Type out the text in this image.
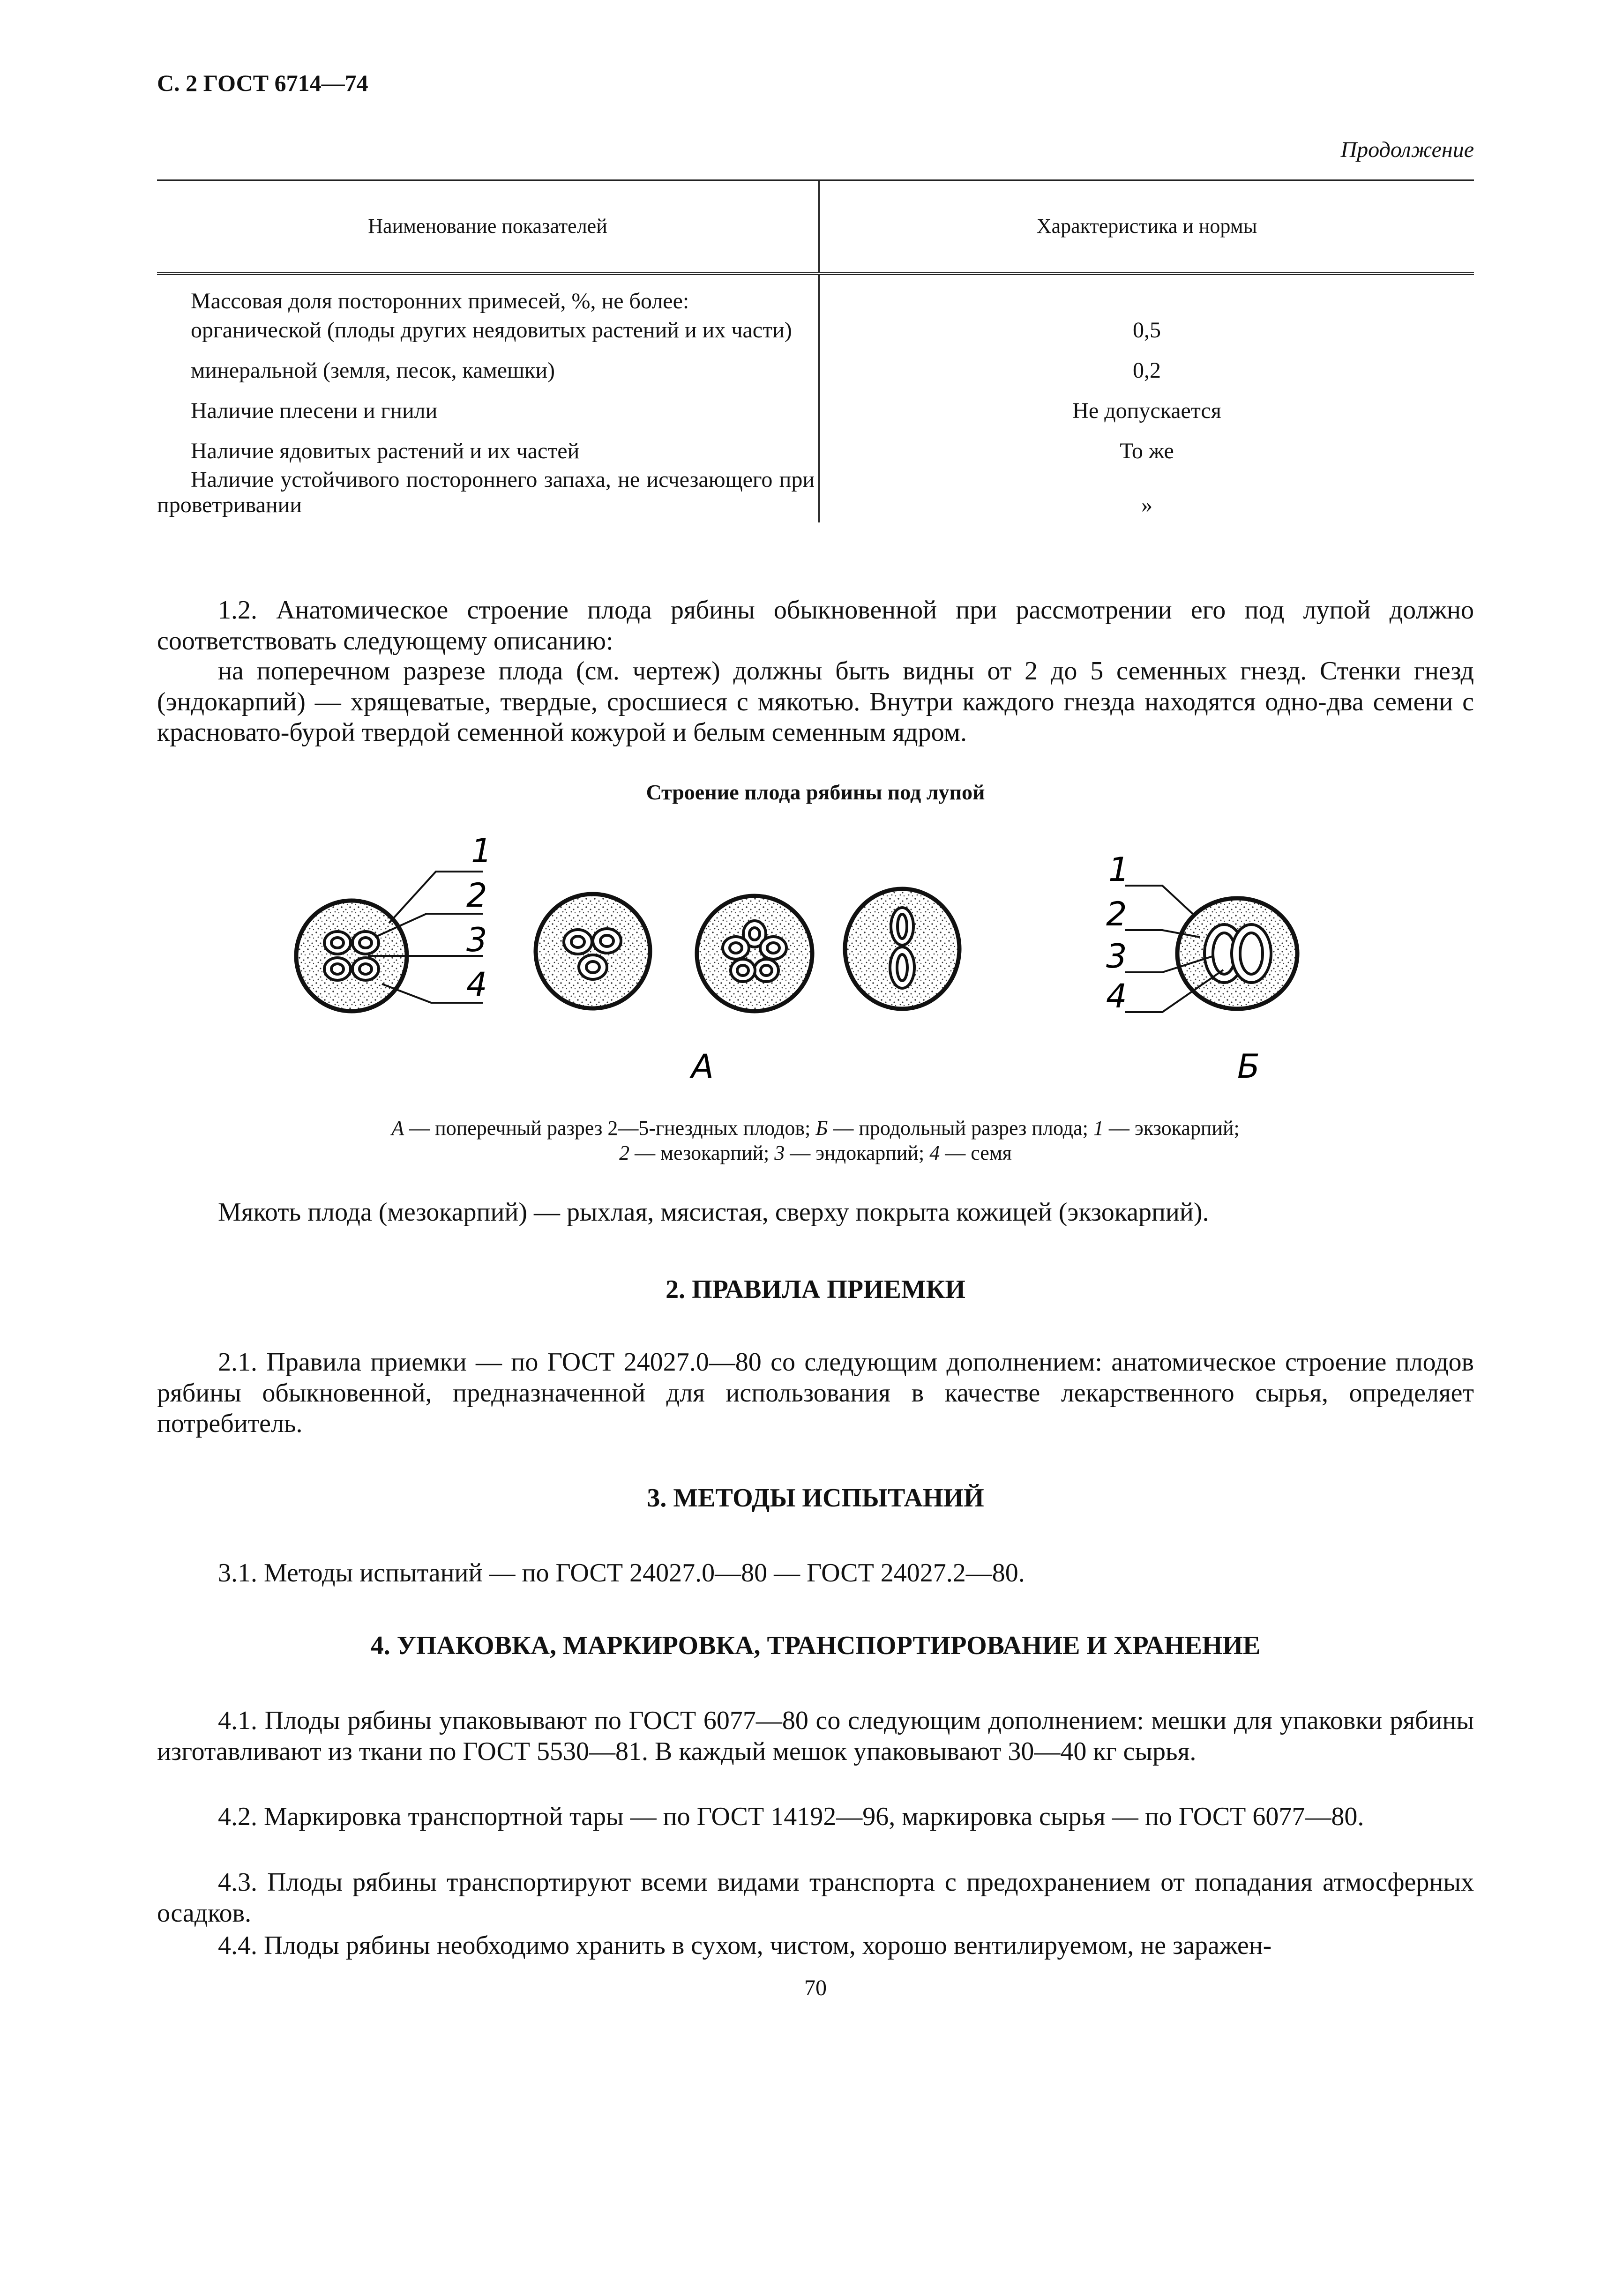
С. 2 ГОСТ 6714—74
Продолжение
Наименование показателей	Характеристика и нормы
Массовая доля посторонних примесей, %, не более:	
органической (плоды других неядовитых растений и их части)	0,5
минеральной (земля, песок, камешки)	0,2
Наличие плесени и гнили	Не допускается
Наличие ядовитых растений и их частей	То же
Наличие устойчивого постороннего запаха, не исчезающего при проветривании	»

1.2. Анатомическое строение плода рябины обыкновенной при рассмотрении его под лупой должно соответствовать следующему описанию:

на поперечном разрезе плода (см. чертеж) должны быть видны от 2 до 5 семенных гнезд. Стенки гнезд (эндокарпий) — хрящеватые, твердые, сросшиеся с мякотью. Внутри каждого гнезда находятся одно-два семени с красновато-бурой твердой семенной кожурой и белым семенным ядром.

Строение плода рябины под лупой
1
2
3
4
1
2
3
4
А	Б
А — поперечный разрез 2—5-гнездных плодов; Б — продольный разрез плода; 1 — экзокарпий;
2 — мезокарпий; 3 — эндокарпий; 4 — семя

Мякоть плода (мезокарпий) — рыхлая, мясистая, сверху покрыта кожицей (экзокарпий).

2. ПРАВИЛА ПРИЕМКИ

2.1. Правила приемки — по ГОСТ 24027.0—80 со следующим дополнением: анатомическое строение плодов рябины обыкновенной, предназначенной для использования в качестве лекарственного сырья, определяет потребитель.

3. МЕТОДЫ ИСПЫТАНИЙ

3.1. Методы испытаний — по ГОСТ 24027.0—80 — ГОСТ 24027.2—80.

4. УПАКОВКА, МАРКИРОВКА, ТРАНСПОРТИРОВАНИЕ И ХРАНЕНИЕ

4.1. Плоды рябины упаковывают по ГОСТ 6077—80 со следующим дополнением: мешки для упаковки рябины изготавливают из ткани по ГОСТ 5530—81. В каждый мешок упаковывают 30—40 кг сырья.

4.2. Маркировка транспортной тары — по ГОСТ 14192—96, маркировка сырья — по ГОСТ 6077—80.

4.3. Плоды рябины транспортируют всеми видами транспорта с предохранением от попадания атмосферных осадков.

4.4. Плоды рябины необходимо хранить в сухом, чистом, хорошо вентилируемом, не заражен-

70
